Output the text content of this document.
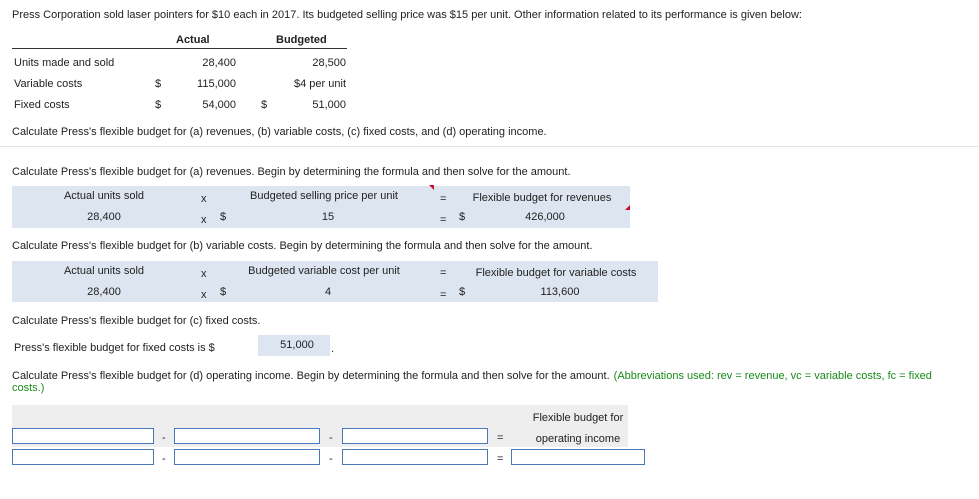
Press Corporation sold laser pointers for $10 each in 2017. Its budgeted selling price was $15 per unit. Other information related to its performance is given below:
Actual	Budgeted
Units made and sold	28,400	28,500
Variable costs	$	115,000	$4 per unit
Fixed costs	$	54,000 $	51,000
Calculate Press's flexible budget for (a) revenues, (b) variable costs, (c) fixed costs, and (d) operating income.
Calculate Press's flexible budget for (a) revenues. Begin by determining the formula and then solve for the amount.
Actual units sold	x	Budgeted selling price per unit	=	Flexible budget for revenues
28,400	x $	15	= $	426,000
Calculate Press's flexible budget for (b) variable costs. Begin by determining the formula and then solve for the amount.
Actual units sold	x	Budgeted variable cost per unit	=	Flexible budget for variable costs
28,400	x $	4	= $	113,600
Calculate Press's flexible budget for (c) fixed costs.
Press's flexible budget for fixed costs is $	51,000	.
Calculate Press's flexible budget for (d) operating income. Begin by determining the formula and then solve for the amount. (Abbreviations used: rev = revenue, vc = variable costs, fc = fixed costs.)
Flexible budget for
operating income
-	-	=
-	-	=
